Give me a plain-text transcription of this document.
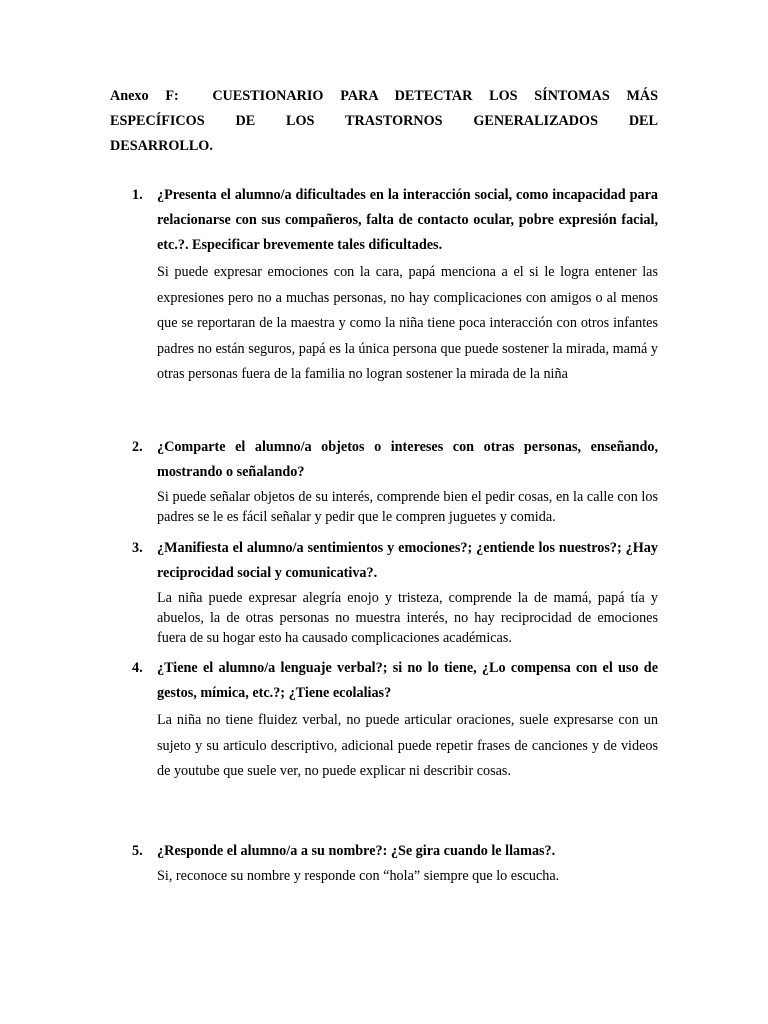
Anexo F:  CUESTIONARIO PARA DETECTAR LOS SÍNTOMAS MÁS
ESPECÍFICOS DE LOS TRASTORNOS GENERALIZADOS DEL
DESARROLLO.
1. ¿Presenta el alumno/a dificultades en la interacción social, como incapacidad para relacionarse con sus compañeros, falta de contacto ocular, pobre expresión facial, etc.?. Especificar brevemente tales dificultades.
Si puede expresar emociones con la cara, papá menciona a el si le logra entener las expresiones pero no a muchas personas, no hay complicaciones con amigos o al menos que se reportaran de la maestra y como la niña tiene poca interacción con otros infantes padres no están seguros, papá es la única persona que puede sostener la mirada, mamá y otras personas fuera de la familia no logran sostener la mirada de la niña
2. ¿Comparte el alumno/a objetos o intereses con otras personas, enseñando, mostrando o señalando?
Si puede señalar objetos de su interés, comprende bien el pedir cosas, en la calle con los padres se le es fácil señalar y pedir que le compren juguetes y comida.
3. ¿Manifiesta el alumno/a sentimientos y emociones?; ¿entiende los nuestros?; ¿Hay reciprocidad social y comunicativa?.
La niña puede expresar alegría enojo y tristeza, comprende la de mamá, papá tía y abuelos, la de otras personas no muestra interés, no hay reciprocidad de emociones fuera de su hogar esto ha causado complicaciones académicas.
4. ¿Tiene el alumno/a lenguaje verbal?; si no lo tiene, ¿Lo compensa con el uso de gestos, mímica, etc.?; ¿Tiene ecolalias?
La niña no tiene fluidez verbal, no puede articular oraciones, suele expresarse con un sujeto y su articulo descriptivo, adicional puede repetir frases de canciones y de videos de youtube que suele ver, no puede explicar ni describir cosas.
5. ¿Responde el alumno/a a su nombre?: ¿Se gira cuando le llamas?.
Si, reconoce su nombre y responde con “hola” siempre que lo escucha.
